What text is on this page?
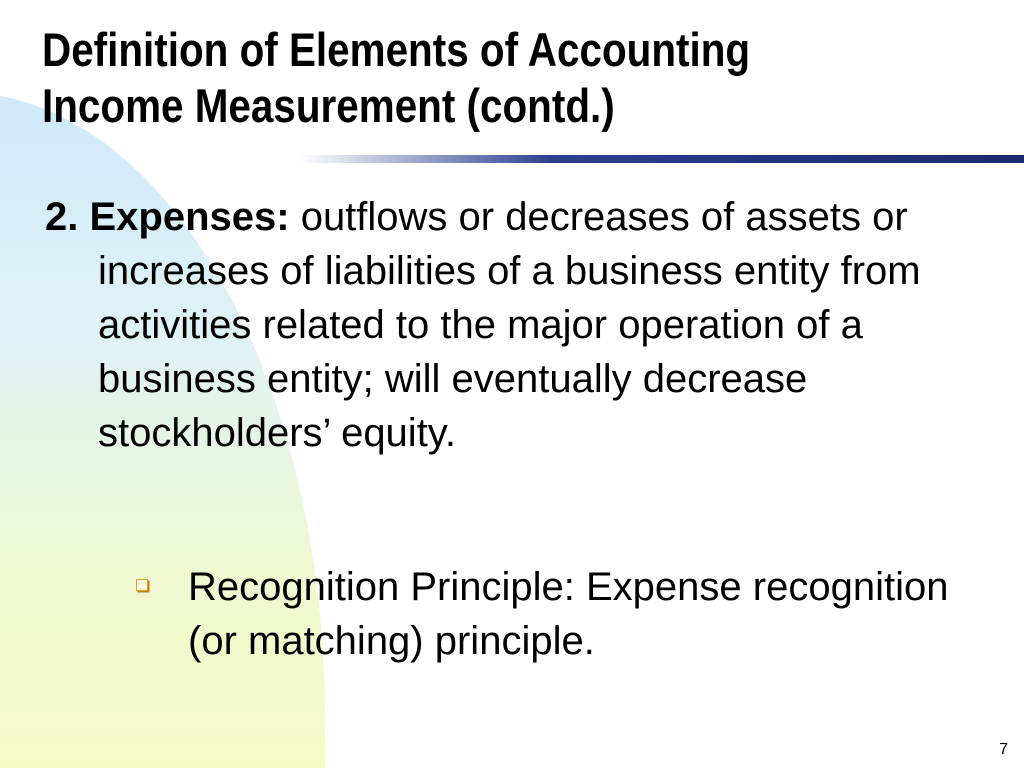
Definition of Elements of Accounting
Income Measurement (contd.)
2. Expenses: outflows or decreases of assets or increases of liabilities of a business entity from activities related to the major operation of a business entity; will eventually decrease stockholders’ equity.
Recognition Principle: Expense recognition (or matching) principle.
7
